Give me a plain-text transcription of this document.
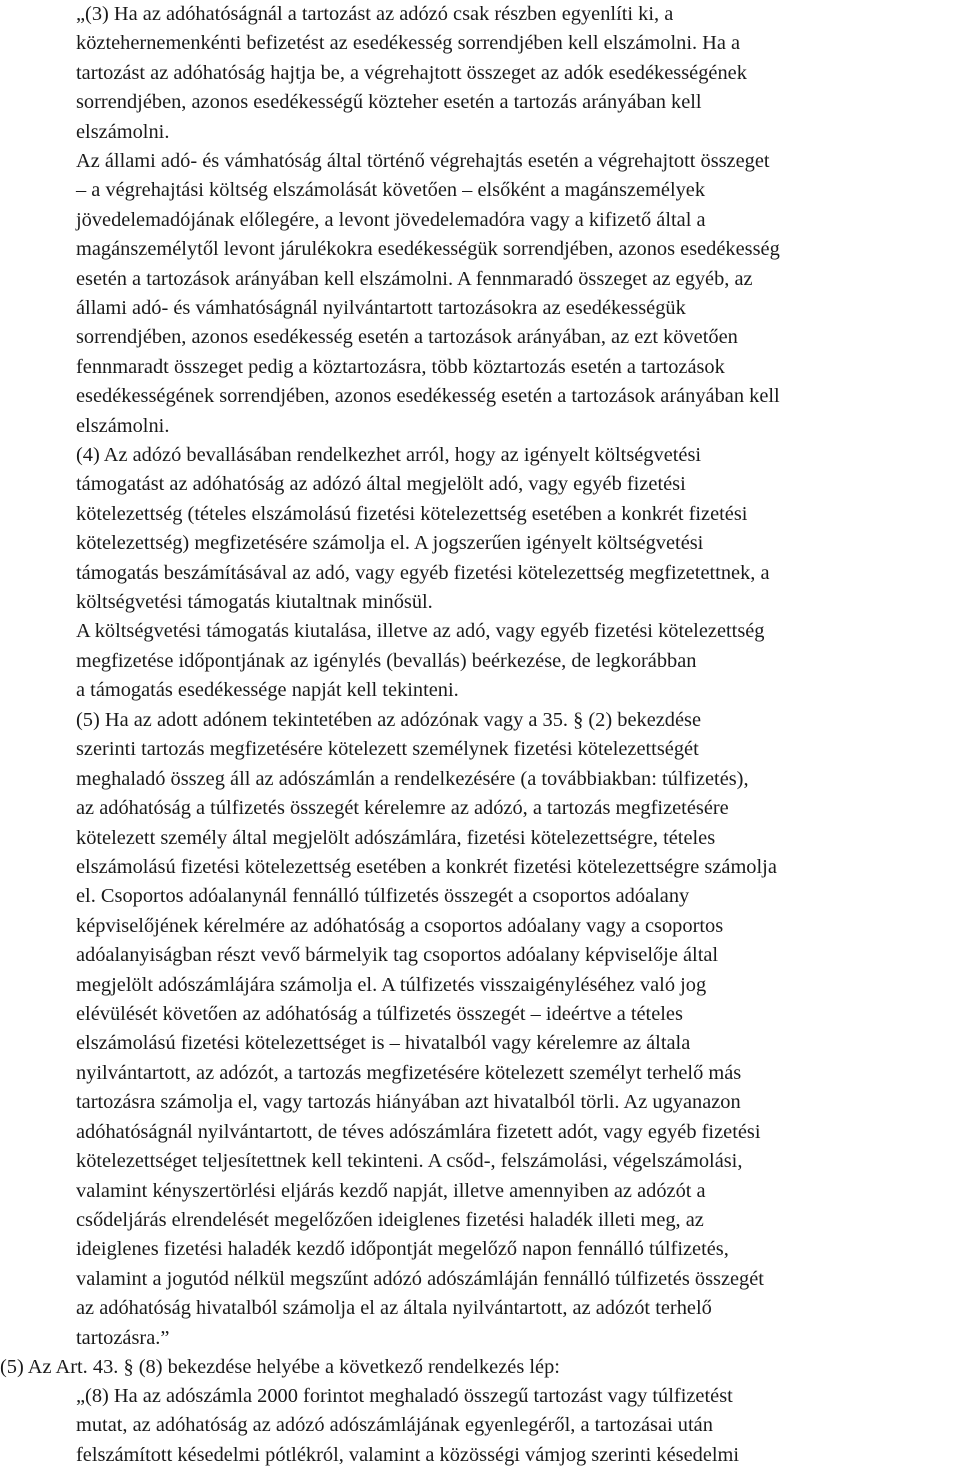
„(3) Ha az adóhatóságnál a tartozást az adózó csak részben egyenlíti ki, a
köztehernemenkénti befizetést az esedékesség sorrendjében kell elszámolni. Ha a
tartozást az adóhatóság hajtja be, a végrehajtott összeget az adók esedékességének
sorrendjében, azonos esedékességű közteher esetén a tartozás arányában kell
elszámolni.
Az állami adó- és vámhatóság által történő végrehajtás esetén a végrehajtott összeget
– a végrehajtási költség elszámolását követően – elsőként a magánszemélyek
jövedelemadójának előlegére, a levont jövedelemadóra vagy a kifizető által a
magánszemélytől levont járulékokra esedékességük sorrendjében, azonos esedékesség
esetén a tartozások arányában kell elszámolni. A fennmaradó összeget az egyéb, az
állami adó- és vámhatóságnál nyilvántartott tartozásokra az esedékességük
sorrendjében, azonos esedékesség esetén a tartozások arányában, az ezt követően
fennmaradt összeget pedig a köztartozásra, több köztartozás esetén a tartozások
esedékességének sorrendjében, azonos esedékesség esetén a tartozások arányában kell
elszámolni.
(4) Az adózó bevallásában rendelkezhet arról, hogy az igényelt költségvetési
támogatást az adóhatóság az adózó által megjelölt adó, vagy egyéb fizetési
kötelezettség (tételes elszámolású fizetési kötelezettség esetében a konkrét fizetési
kötelezettség) megfizetésére számolja el. A jogszerűen igényelt költségvetési
támogatás beszámításával az adó, vagy egyéb fizetési kötelezettség megfizetettnek, a
költségvetési támogatás kiutaltnak minősül.
A költségvetési támogatás kiutalása, illetve az adó, vagy egyéb fizetési kötelezettség
megfizetése időpontjának az igénylés (bevallás) beérkezése, de legkorábban
a támogatás esedékessége napját kell tekinteni.
(5) Ha az adott adónem tekintetében az adózónak vagy a 35. § (2) bekezdése
szerinti tartozás megfizetésére kötelezett személynek fizetési kötelezettségét
meghaladó összeg áll az adószámlán a rendelkezésére (a továbbiakban: túlfizetés),
az adóhatóság a túlfizetés összegét kérelemre az adózó, a tartozás megfizetésére
kötelezett személy által megjelölt adószámlára, fizetési kötelezettségre, tételes
elszámolású fizetési kötelezettség esetében a konkrét fizetési kötelezettségre számolja
el. Csoportos adóalanynál fennálló túlfizetés összegét a csoportos adóalany
képviselőjének kérelmére az adóhatóság a csoportos adóalany vagy a csoportos
adóalanyiságban részt vevő bármelyik tag csoportos adóalany képviselője által
megjelölt adószámlájára számolja el. A túlfizetés visszaigényléséhez való jog
elévülését követően az adóhatóság a túlfizetés összegét – ideértve a tételes
elszámolású fizetési kötelezettséget is – hivatalból vagy kérelemre az általa
nyilvántartott, az adózót, a tartozás megfizetésére kötelezett személyt terhelő más
tartozásra számolja el, vagy tartozás hiányában azt hivatalból törli. Az ugyanazon
adóhatóságnál nyilvántartott, de téves adószámlára fizetett adót, vagy egyéb fizetési
kötelezettséget teljesítettnek kell tekinteni. A csőd-, felszámolási, végelszámolási,
valamint kényszertörlési eljárás kezdő napját, illetve amennyiben az adózót a
csődeljárás elrendelését megelőzően ideiglenes fizetési haladék illeti meg, az
ideiglenes fizetési haladék kezdő időpontját megelőző napon fennálló túlfizetés,
valamint a jogutód nélkül megszűnt adózó adószámláján fennálló túlfizetés összegét
az adóhatóság hivatalból számolja el az általa nyilvántartott, az adózót terhelő
tartozásra.”
(5) Az Art. 43. § (8) bekezdése helyébe a következő rendelkezés lép:
„(8) Ha az adószámla 2000 forintot meghaladó összegű tartozást vagy túlfizetést
mutat, az adóhatóság az adózó adószámlájának egyenlegéről, a tartozásai után
felszámított késedelmi pótlékról, valamint a közösségi vámjog szerinti késedelmi
